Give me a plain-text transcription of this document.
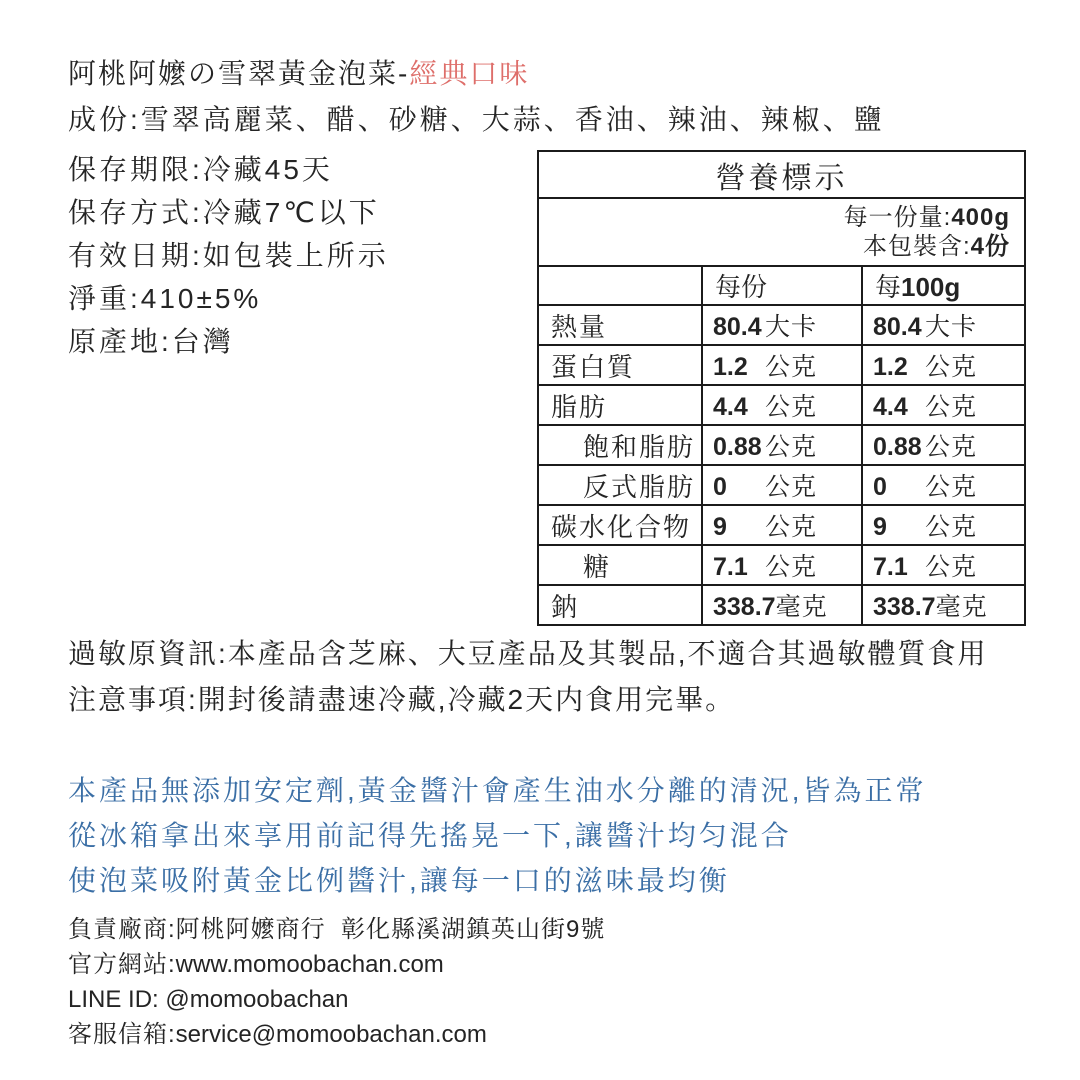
阿桃阿嬤の雪翠黃金泡菜-經典口味
成份:雪翠高麗菜、醋、砂糖、大蒜、香油、辣油、辣椒、鹽
保存期限:冷藏45天
保存方式:冷藏7℃以下
有效日期:如包裝上所示
淨重:410±5%
原產地:台灣
營養標示		

每一份量:400g
本包裝含:4份		

	每份	每100g
熱量	80.4 大卡	80.4 大卡
蛋白質	1.2 公克	1.2 公克
脂肪	4.4 公克	4.4 公克
飽和脂肪	0.88 公克	0.88 公克
反式脂肪	0 公克	0 公克
碳水化合物	9 公克	9 公克
糖	7.1 公克	7.1 公克
鈉	338.7毫克	338.7毫克
過敏原資訊:本產品含芝麻、大豆產品及其製品,不適合其過敏體質食用
注意事項:開封後請盡速冷藏,冷藏2天内食用完畢。
本產品無添加安定劑,黃金醬汁會產生油水分離的清況,皆為正常
從冰箱拿出來享用前記得先搖晃一下,讓醬汁均匀混合
使泡菜吸附黃金比例醬汁,讓每一口的滋味最均衡
負責廠商:阿桃阿嬤商行  彰化縣溪湖鎮英山街9號
官方網站:www.momoobachan.com
LINE ID: @momoobachan
客服信箱:service@momoobachan.com
